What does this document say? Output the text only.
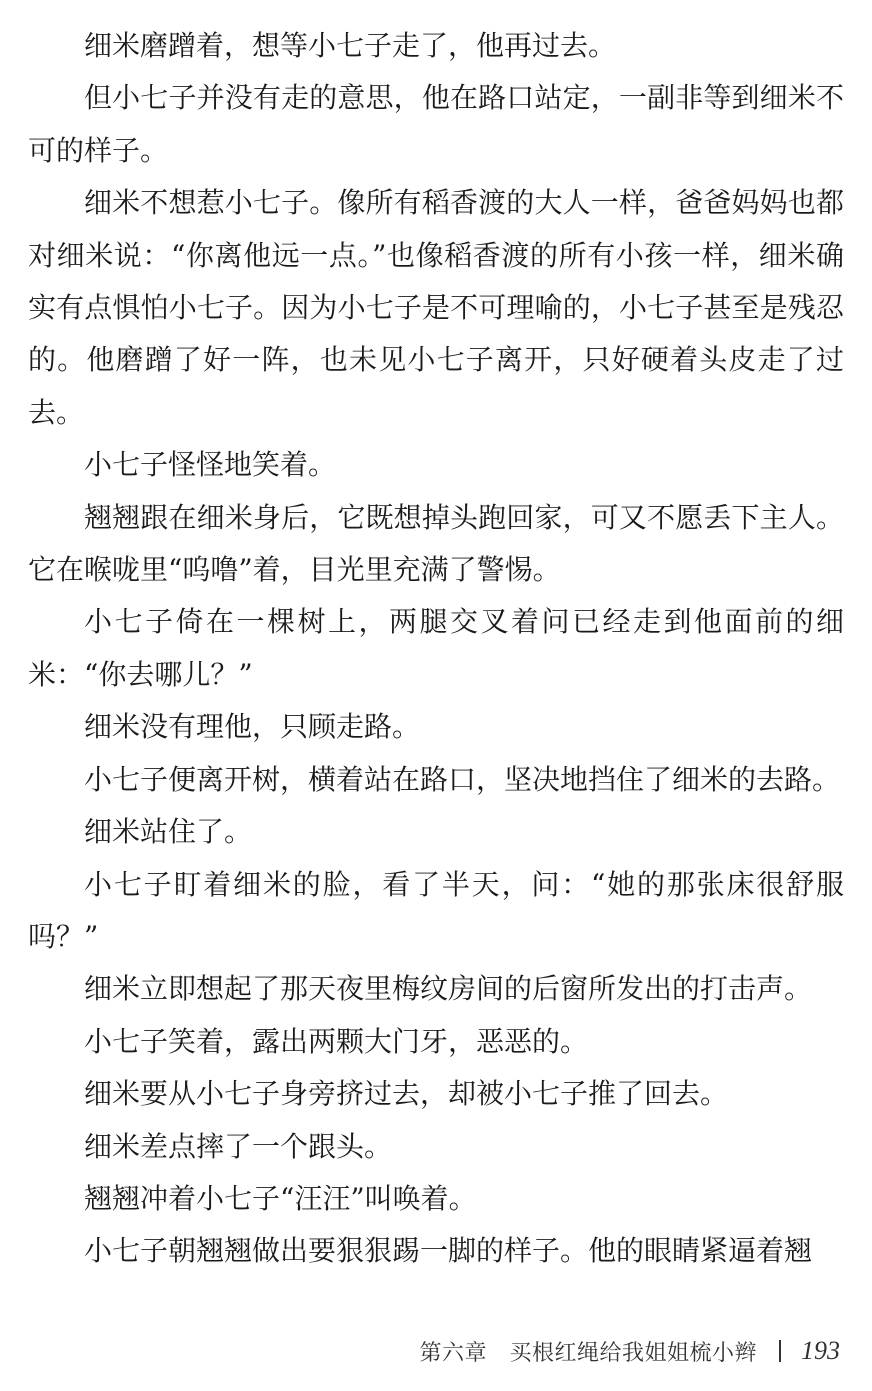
细米磨蹭着，想等小七子走了，他再过去。

但小七子并没有走的意思，他在路口站定，一副非等到细米不可的样子。

细米不想惹小七子。像所有稻香渡的大人一样，爸爸妈妈也都对细米说：“你离他远一点。”也像稻香渡的所有小孩一样，细米确实有点惧怕小七子。因为小七子是不可理喻的，小七子甚至是残忍的。他磨蹭了好一阵，也未见小七子离开，只好硬着头皮走了过去。

小七子怪怪地笑着。

翘翘跟在细米身后，它既想掉头跑回家，可又不愿丢下主人。它在喉咙里“呜噜”着，目光里充满了警惕。

小七子倚在一棵树上，两腿交叉着问已经走到他面前的细米：“你去哪儿？”

细米没有理他，只顾走路。

小七子便离开树，横着站在路口，坚决地挡住了细米的去路。

细米站住了。

小七子盯着细米的脸，看了半天，问：“她的那张床很舒服吗？”

细米立即想起了那天夜里梅纹房间的后窗所发出的打击声。

小七子笑着，露出两颗大门牙，恶恶的。

细米要从小七子身旁挤过去，却被小七子推了回去。

细米差点摔了一个跟头。

翘翘冲着小七子“汪汪”叫唤着。

小七子朝翘翘做出要狠狠踢一脚的样子。他的眼睛紧逼着翘

第六章　买根红绳给我姐姐梳小辫 193
